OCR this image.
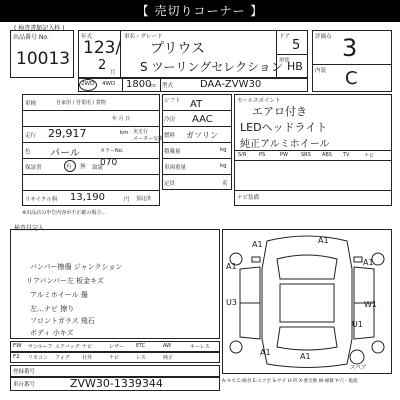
【 売切りコーナー 】
( 検査書類記入枠 )
出品番号 No.
10013
年式
123/
2 月
車名・グレード
プリウス
S ツーリングセレクション
ドア
5
形状
HB
評価点 3
内装 C
2WD 4WD 1800
cc 型式	DAA-ZVW30
車検	自家用 / 営業用 / 貨物
年 月 日
走行 29,917	km 実走行
メーター交換
色 パール	カラーNo.
070
保証書	有 無 取説
リサイクル料 13,190	円 預託済
※出品店の申告内容が不正確の場合…
シフト AT
冷房 AAC
燃料 ガソリン
積載量	kg
車両重量	kg
定員	名
セールスポイント
エアロ付き
LEDヘッドライト
純正アルミホイール
S/R	PS	PW	SRS ABS TV	ナビ
ナビ装備
検査員記入
バンパー擦傷 ジャンクション
リアバンパー左 板金キズ
アルミホイール 傷
左…ナビ 擦り
フロントガラス 飛石
ボディ 小キズ
FW サンルーフ エアバッグ ナビ	レザー ETC	AW	キーレス
F2 リモコン フォグ 社外	ナビ	レス	純正
登録番号
車台番号	ZVW30-1339344
A1	A1
A1	A1
U3	W1
U1
A1	A1
スペア
A-キズ C-腐食 E-エクボ S-サビ U-凹 X-要交換 W-補修 Y-穴・亀裂
